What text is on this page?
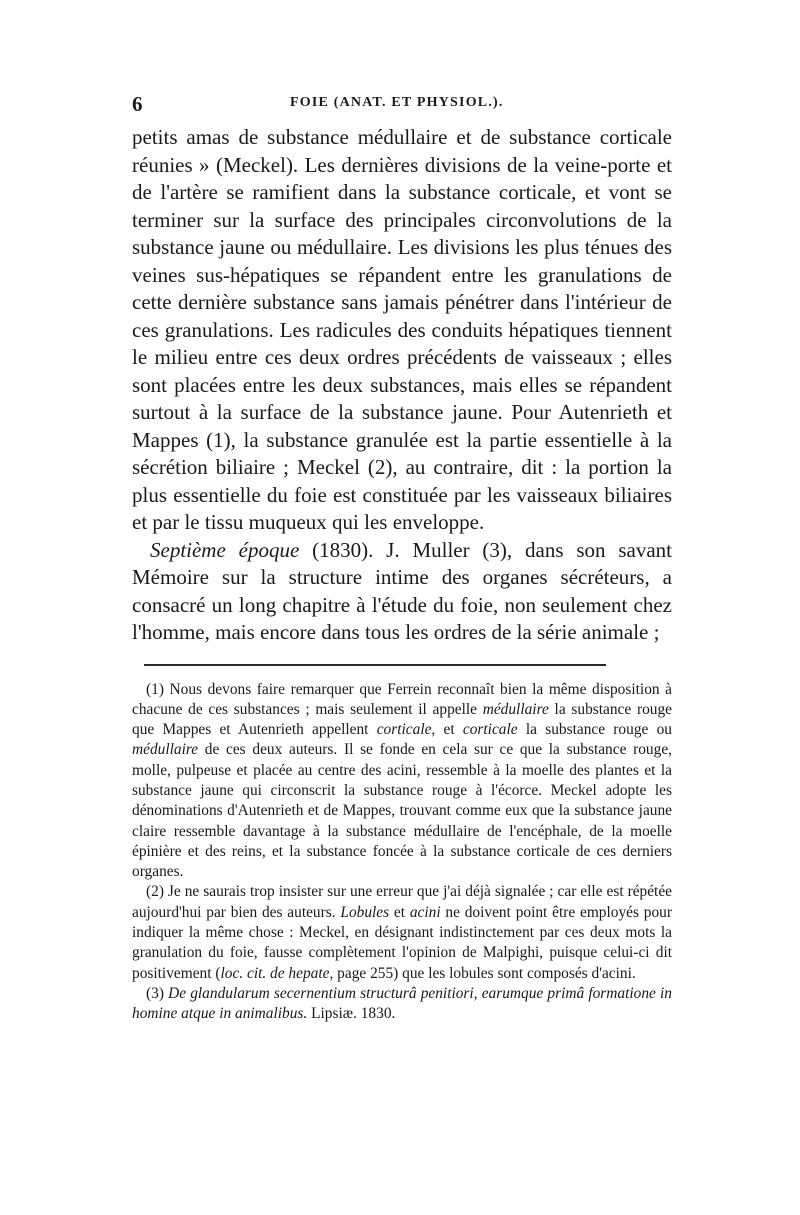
6	FOIE (ANAT. ET PHYSIOL.).

petits amas de substance médullaire et de substance corticale réunies » (Meckel). Les dernières divisions de la veine-porte et de l'artère se ramifient dans la substance corticale, et vont se terminer sur la surface des principales circonvolutions de la substance jaune ou médullaire. Les divisions les plus ténues des veines sus-hépatiques se répandent entre les granulations de cette dernière substance sans jamais pénétrer dans l'intérieur de ces granulations. Les radicules des conduits hépatiques tiennent le milieu entre ces deux ordres précédents de vaisseaux ; elles sont placées entre les deux substances, mais elles se répandent surtout à la surface de la substance jaune. Pour Autenrieth et Mappes (1), la substance granulée est la partie essentielle à la sécrétion biliaire ; Meckel (2), au contraire, dit : la portion la plus essentielle du foie est constituée par les vaisseaux biliaires et par le tissu muqueux qui les enveloppe.

Septième époque (1830). J. Muller (3), dans son savant Mémoire sur la structure intime des organes sécréteurs, a consacré un long chapitre à l'étude du foie, non seulement chez l'homme, mais encore dans tous les ordres de la série animale ;

(1) Nous devons faire remarquer que Ferrein reconnaît bien la même disposition à chacune de ces substances ; mais seulement il appelle médullaire la substance rouge que Mappes et Autenrieth appellent corticale, et corticale la substance rouge ou médullaire de ces deux auteurs. Il se fonde en cela sur ce que la substance rouge, molle, pulpeuse et placée au centre des acini, ressemble à la moelle des plantes et la substance jaune qui circonscrit la substance rouge à l'écorce. Meckel adopte les dénominations d'Autenrieth et de Mappes, trouvant comme eux que la substance jaune claire ressemble davantage à la substance médullaire de l'encéphale, de la moelle épinière et des reins, et la substance foncée à la substance corticale de ces derniers organes.

(2) Je ne saurais trop insister sur une erreur que j'ai déjà signalée ; car elle est répétée aujourd'hui par bien des auteurs. Lobules et acini ne doivent point être employés pour indiquer la même chose : Meckel, en désignant indistinctement par ces deux mots la granulation du foie, fausse complètement l'opinion de Malpighi, puisque celui-ci dit positivement (loc. cit. de hepate, page 255) que les lobules sont composés d'acini.

(3) De glandularum secernentium structurâ penitiori, earumque primâ formatione in homine atque in animalibus. Lipsiæ. 1830.
